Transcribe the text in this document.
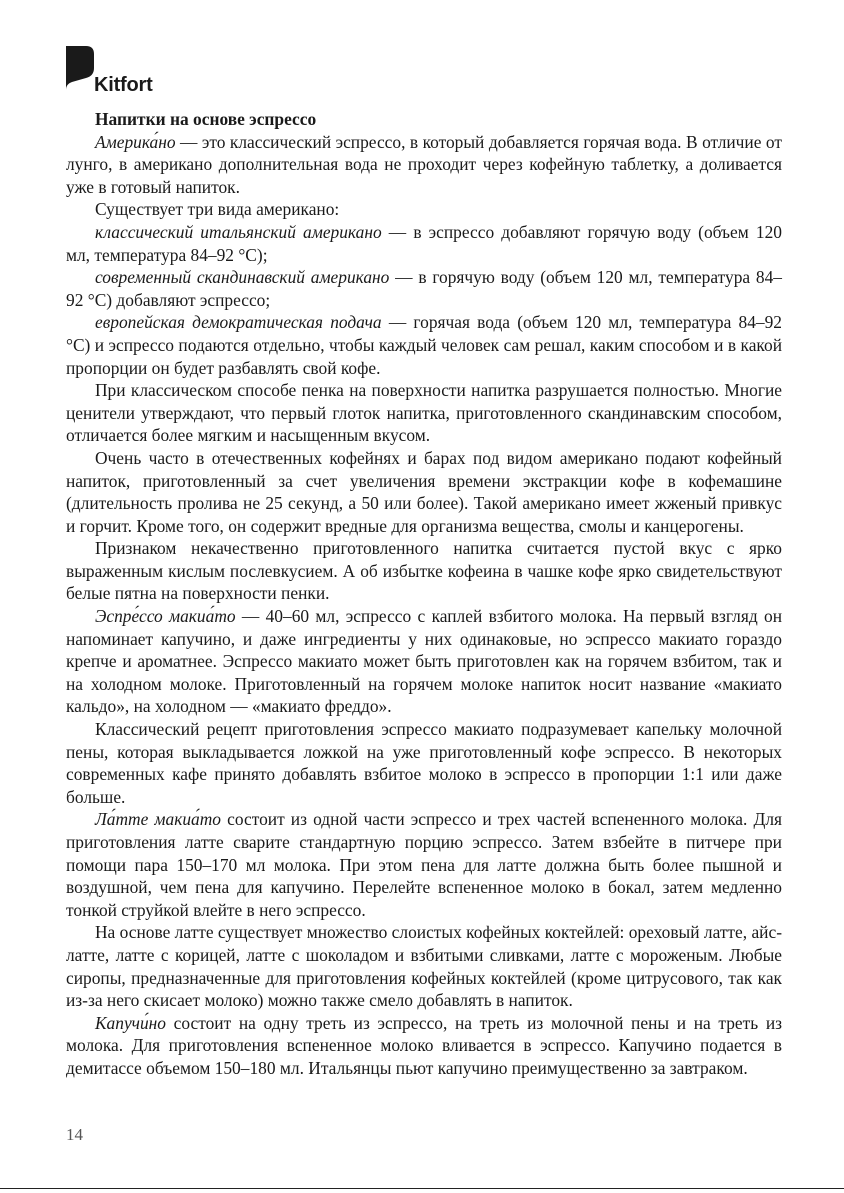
Kitfort
Напитки на основе эспрессо

Америка́но — это классический эспрессо, в который добавляется горячая вода. В отличие от лунго, в американо дополнительная вода не проходит через кофейную таблетку, а доливается уже в готовый напиток.

Существует три вида американо:

классический итальянский американо — в эспрессо добавляют горячую воду (объем 120 мл, температура 84–92 °C);

современный скандинавский американо — в горячую воду (объем 120 мл, температура 84–92 °C) добавляют эспрессо;

европейская демократическая подача — горячая вода (объем 120 мл, температура 84–92 °C) и эспрессо подаются отдельно, чтобы каждый человек сам решал, каким способом и в какой пропорции он будет разбавлять свой кофе.

При классическом способе пенка на поверхности напитка разрушается полностью. Многие ценители утверждают, что первый глоток напитка, приготовленного скандинавским способом, отличается более мягким и насыщенным вкусом.

Очень часто в отечественных кофейнях и барах под видом американо подают кофейный напиток, приготовленный за счет увеличения времени экстракции кофе в кофемашине (длительность пролива не 25 секунд, а 50 или более). Такой американо имеет жженый привкус и горчит. Кроме того, он содержит вредные для организма вещества, смолы и канцерогены.

Признаком некачественно приготовленного напитка считается пустой вкус с ярко выраженным кислым послевкусием. А об избытке кофеина в чашке кофе ярко свидетельствуют белые пятна на поверхности пенки.

Эспре́ссо макиа́то — 40–60 мл, эспрессо с каплей взбитого молока. На первый взгляд он напоминает капучино, и даже ингредиенты у них одинаковые, но эспрессо макиато гораздо крепче и ароматнее. Эспрессо макиато может быть приготовлен как на горячем взбитом, так и на холодном молоке. Приготовленный на горячем молоке напиток носит название «макиато кальдо», на холодном — «макиато фреддо».

Классический рецепт приготовления эспрессо макиато подразумевает капельку молочной пены, которая выкладывается ложкой на уже приготовленный кофе эспрессо. В некоторых современных кафе принято добавлять взбитое молоко в эспрессо в пропорции 1:1 или даже больше.

Ла́тте макиа́то состоит из одной части эспрессо и трех частей вспененного молока. Для приготовления латте сварите стандартную порцию эспрессо. Затем взбейте в питчере при помощи пара 150–170 мл молока. При этом пена для латте должна быть более пышной и воздушной, чем пена для капучино. Перелейте вспененное молоко в бокал, затем медленно тонкой струйкой влейте в него эспрессо.

На основе латте существует множество слоистых кофейных коктейлей: ореховый латте, айс-латте, латте с корицей, латте с шоколадом и взбитыми сливками, латте с мороженым. Любые сиропы, предназначенные для приготовления кофейных коктейлей (кроме цитрусового, так как из-за него скисает молоко) можно также смело добавлять в напиток.

Капучи́но состоит на одну треть из эспрессо, на треть из молочной пены и на треть из молока. Для приготовления вспененное молоко вливается в эспрессо. Капучино подается в демитассе объемом 150–180 мл. Итальянцы пьют капучино преимущественно за завтраком.

14
